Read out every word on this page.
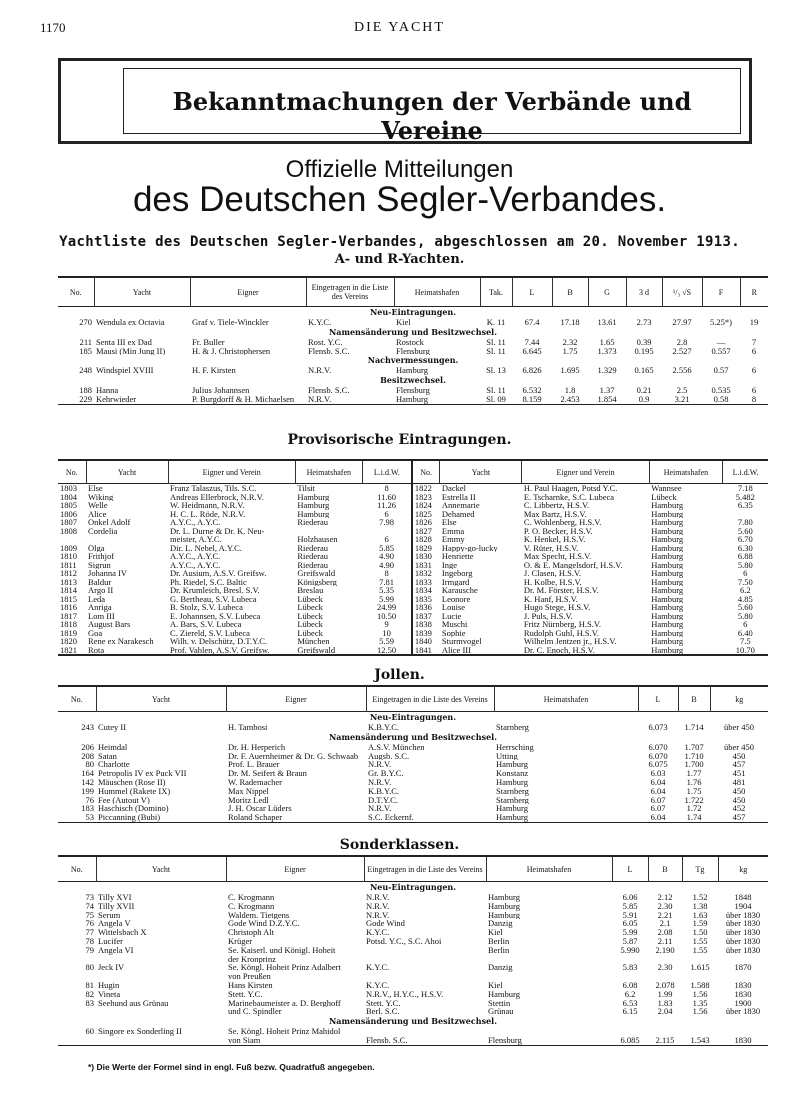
1170	DIE YACHT
Bekanntmachungen der Verbände und Vereine
Offizielle Mitteilungen
des Deutschen Segler-Verbandes.
Yachtliste des Deutschen Segler-Verbandes, abgeschlossen am 20. November 1913.
A- und R-Yachten.
No.	Yacht	Eigner	Eingetragen in die Liste des Vereins	Heimatshafen	Tak.	L	B	G	3 d	¹/₃ √S	F	R
Neu-Eintragungen.												
270	Wendula ex Octavia	Graf v. Tiele-Winckler	K.Y.C.	Kiel	K. 11	67.4	17.18	13.61	2.73	27.97	5.25*)	19
Namensänderung und Besitzwechsel.												
211	Senta III ex Dad	Fr. Buller	Rost. Y.C.	Rostock	Sl. 11	7.44	2.32	1.65	0.39	2.8	—	7
185	Mausi (Min Jung II)	H. & J. Christophersen	Flensb. S.C.	Flensburg	Sl. 11	6.645	1.75	1.373	0.195	2.527	0.557	6
Nachvermessungen.												
248	Windspiel XVIII	H. F. Kirsten	N.R.V.	Hamburg	Sl. 13	6.826	1.695	1.329	0.165	2.556	0.57	6
Besitzwechsel.												
188	Hanna	Julius Johannsen	Flensb. S.C.	Flensburg	Sl. 11	6.532	1.8	1.37	0.21	2.5	0.535	6
229	Kehrwieder	P. Burgdorff & H. Michaelsen	N.R.V.	Hamburg	Sl. 09	8.159	2.453	1.854	0.9	3.21	0.58	8
Provisorische Eintragungen.
No.	Yacht	Eigner und Verein	Heimatshafen	L.i.d.W.	No.	Yacht	Eigner und Verein	Heimatshafen	L.i.d.W.
1803	Else	Franz Talaszus, Tils. S.C.	Tilsit	8	1822	Dackel	H. Paul Haagen, Potsd Y.C.	Wannsee	7.18
1804	Wiking	Andreas Ellerbrock, N.R.V.	Hamburg	11.60	1823	Estrella II	E. Tscharnke, S.C. Lubeca	Lübeck	5.482
1805	Welle	W. Heidmann, N.R.V.	Hamburg	11.26	1824	Annemarie	C. Libbertz, H.S.V.	Hamburg	6.35
1806	Alice	H. C. L. Röde, N.R.V.	Hamburg	6	1825	Dehamed	Max Bartz, H.S.V.	Hamburg	
1807	Onkel Adolf	A.Y.C., A.Y.C.	Riederau	7.98	1826	Else	C. Wohlenberg, H.S.V.	Hamburg	7.80
1808	Cordelia	Dr. L. Durne & Dr. K. Neu-			1827	Emma	P. O. Becker, H.S.V.	Hamburg	5.60
		meister, A.Y.C.	Holzhausen	6	1828	Emmy	K. Henkel, H.S.V.	Hamburg	6.70
1809	Olga	Dir. L. Nebel, A.Y.C.	Riederau	5.85	1829	Happy-go-lucky	V. Rüter, H.S.V.	Hamburg	6.30
1810	Frithjof	A.Y.C., A.Y.C.	Riederau	4.90	1830	Henriette	Max Specht, H.S.V.	Hamburg	6.88
1811	Sigrun	A.Y.C., A.Y.C.	Riederau	4.90	1831	Inge	O. & E. Mangelsdorf, H.S.V.	Hamburg	5.80
1812	Johanna IV	Dr. Ausium, A.S.V. Greifsw.	Greifswald	8	1832	Ingeborg	J. Clasen, H.S.V.	Hamburg	6
1813	Baldur	Ph. Riedel, S.C. Baltic	Königsberg	7.81	1833	Irmgard	H. Kolbe, H.S.V.	Hamburg	7.50
1814	Argo II	Dr. Krumleich, Bresl. S.V.	Breslau	5.35	1834	Karausche	Dr. M. Förster, H.S.V.	Hamburg	6.2
1815	Leda	G. Bertheau, S.V. Lubeca	Lübeck	5.99	1835	Leonore	K. Hanf, H.S.V.	Hamburg	4.85
1816	Anriga	B. Stolz, S.V. Lubeca	Lübeck	24.99	1836	Louise	Hugo Stege, H.S.V.	Hamburg	5.60
1817	Lom III	E. Johannsen, S.V. Lubeca	Lübeck	10.50	1837	Lucie	J. Puls, H.S.V.	Hamburg	5.80
1818	August Bars	A. Bars, S.V. Lubeca	Lübeck	9	1838	Muschi	Fritz Nürnberg, H.S.V.	Hamburg	6
1819	Goa	C. Ziereld, S.V. Lubeca	Lübeck	10	1839	Sophie	Rudolph Guhl, H.S.V.	Hamburg	6.40
1820	Rene ex Narakesch	Wilh. v. Delschütz, D.T.Y.C.	München	5.59	1840	Sturmvogel	Wilhelm Jentzen jr., H.S.V.	Hamburg	7.5
1821	Rota	Prof. Vahlen, A.S.V. Greifsw.	Greifswald	12.50	1841	Alice III	Dr. C. Enoch, H.S.V.	Hamburg	10.70
Jollen.
No.	Yacht	Eigner	Eingetragen in die Liste des Vereins	Heimatshafen	L	B	kg
Neu-Eintragungen.							
243	Cutey II	H. Tambosi	K.B.Y.C.	Starnberg	6.073	1.714	über 450
Namensänderung und Besitzwechsel.							
206	Heimdal	Dr. H. Herperich	A.S.V. München	Herrsching	6.070	1.707	über 450
208	Satan	Dr. F. Auernheimer & Dr. G. Schwaab	Augsb. S.C.	Utting	6.070	1.710	450
80	Charlotte	Prof. L. Brauer	N.R.V.	Hamburg	6.075	1.700	457
164	Petropolis IV ex Puck VII	Dr. M. Seifert & Braun	Gr. B.Y.C.	Konstanz	6.03	1.77	451
142	Mäuschen (Rose II)	W. Rademacher	N.R.V.	Hamburg	6.04	1.76	481
199	Hummel (Rakete IX)	Max Nippel	K.B.Y.C.	Starnberg	6.04	1.75	450
76	Fee (Autout V)	Moritz Ledl	D.T.Y.C.	Starnberg	6.07	1.722	450
183	Haschisch (Domino)	J. H. Oscar Lüders	N.R.V.	Hamburg	6.07	1.72	452
53	Piccanning (Bubi)	Roland Schaper	S.C. Eckernf.	Hamburg	6.04	1.74	457
Sonderklassen.
No.	Yacht	Eigner	Eingetragen in die Liste des Vereins	Heimatshafen	L	B	Tg	kg
Neu-Eintragungen.								
73	Tilly XVI	C. Krogmann	N.R.V.	Hamburg	6.06	2.12	1.52	1848
74	Tilly XVII	C. Krogmann	N.R.V.	Hamburg	5.85	2.30	1.38	1904
75	Serum	Waldem. Tietgens	N.R.V.	Hamburg	5.91	2.21	1.63	über 1830
76	Angela V	Gode Wind D.Z.Y.C.	Gode Wind	Danzig	6.05	2.1	1.59	über 1830
77	Wittelsbach X	Christoph Alt	K.Y.C.	Kiel	5.99	2.08	1.50	über 1830
78	Lucifer	Krüger	Potsd. Y.C., S.C. Ahoi	Berlin	5.87	2.11	1.55	über 1830
79	Angela VI	Se. Kaiserl. und Königl. Hoheit		Berlin	5.990	2.190	1.55	über 1830
		der Kronprinz						
80	Jeck IV	Se. Köngl. Hoheit Prinz Adalbert	K.Y.C.	Danzig	5.83	2.30	1.615	1870
		von Preußen						
81	Hugin	Hans Kirsten	K.Y.C.	Kiel	6.08	2.078	1.588	1830
82	Vineta	Stett. Y.C.	N.R.V., H.Y.C., H.S.V.	Hamburg	6.2	1.99	1.56	1830
83	Seehund aus Grünau	Marinebaumeister a. D. Berghoff	Stett. Y.C.	Stettin	6.53	1.83	1.35	1900
		und C. Spindler	Berl. S.C.	Grünau	6.15	2.04	1.56	über 1830
Namensänderung und Besitzwechsel.								
60	Singore ex Sonderling II	Se. Köngl. Hoheit Prinz Mahidol						
		von Siam	Flensb. S.C.	Flensburg	6.085	2.115	1.543	1830
*) Die Werte der Formel sind in engl. Fuß bezw. Quadratfuß angegeben.
